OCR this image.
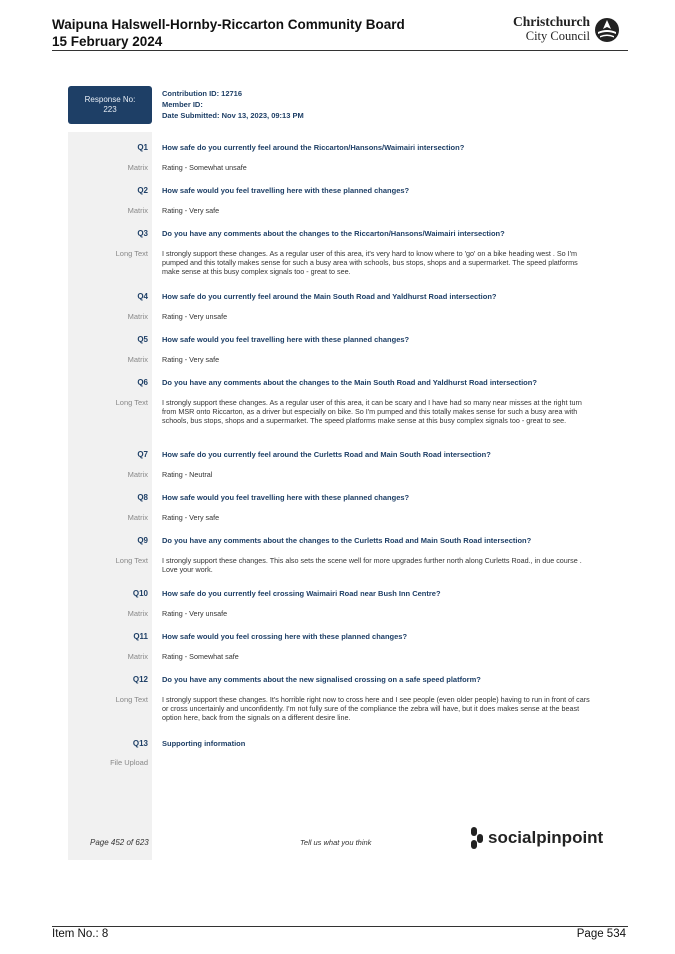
Waipuna Halswell-Hornby-Riccarton Community Board
15 February 2024
Christchurch
City Council
Response No:
223
Contribution ID: 12716
Member ID:
Date Submitted: Nov 13, 2023, 09:13 PM
Q1 How safe do you currently feel around the Riccarton/Hansons/Waimairi intersection?
Matrix Rating - Somewhat unsafe
Q2 How safe would you feel travelling here with these planned changes?
Matrix Rating - Very safe
Q3 Do you have any comments about the changes to the Riccarton/Hansons/Waimairi intersection?
Long Text I strongly support these changes. As a regular user of this area, it's very hard to know where to 'go' on a bike heading west . So I'm pumped and this totally makes sense for such a busy area with schools, bus stops, shops and a supermarket. The speed platforms make sense at this busy complex signals too - great to see.
Q4 How safe do you currently feel around the Main South Road and Yaldhurst Road intersection?
Matrix Rating - Very unsafe
Q5 How safe would you feel travelling here with these planned changes?
Matrix Rating - Very safe
Q6 Do you have any comments about the changes to the Main South Road and Yaldhurst Road intersection?
Long Text I strongly support these changes. As a regular user of this area, it can be scary and I have had so many near misses at the right turn from MSR onto Riccarton, as a driver but especially on bike. So I'm pumped and this totally makes sense for such a busy area with schools, bus stops, shops and a supermarket. The speed platforms make sense at this busy complex signals too - great to see.
Q7 How safe do you currently feel around the Curletts Road and Main South Road intersection?
Matrix Rating - Neutral
Q8 How safe would you feel travelling here with these planned changes?
Matrix Rating - Very safe
Q9 Do you have any comments about the changes to the Curletts Road and Main South Road intersection?
Long Text I strongly support these changes. This also sets the scene well for more upgrades further north along Curletts Road., in due course . Love your work.
Q10 How safe do you currently feel crossing Waimairi Road near Bush Inn Centre?
Matrix Rating - Very unsafe
Q11 How safe would you feel crossing here with these planned changes?
Matrix Rating - Somewhat safe
Q12 Do you have any comments about the new signalised crossing on a safe speed platform?
Long Text I strongly support these changes. It's horrible right now to cross here and I see people (even older people) having to run in front of cars or cross uncertainly and unconfidently. I'm not fully sure of the compliance the zebra will have, but it does makes sense at the beast option here, back from the signals on a different desire line.
Q13 Supporting information
File Upload
Page 452 of 623	Tell us what you think	socialpinpoint
Item No.: 8	Page 534
